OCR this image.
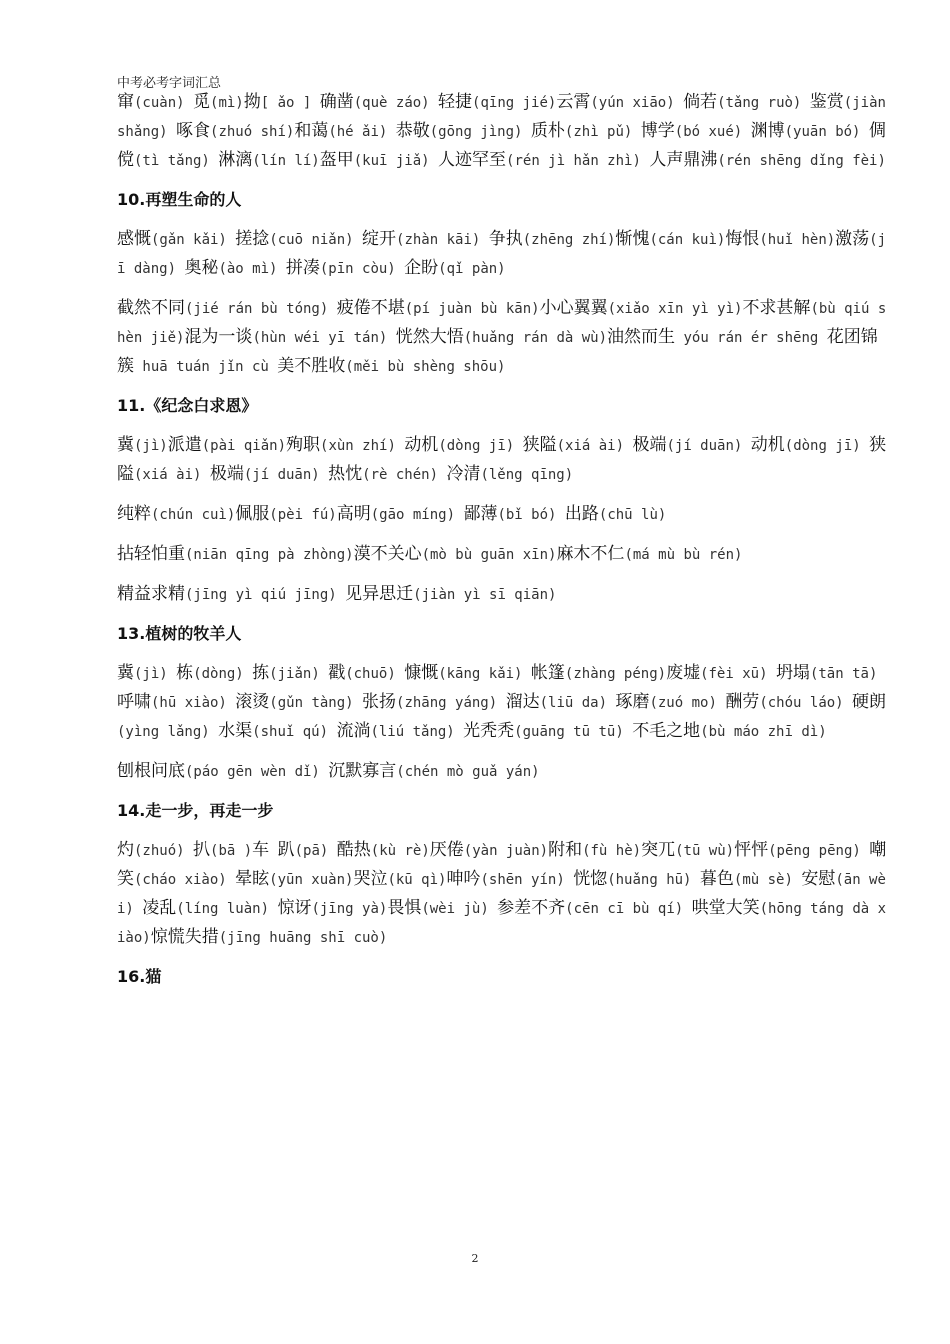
中考必考字词汇总
窜(cuàn) 觅(mì)拗[ ǎo ] 确凿(què záo) 轻捷(qīng jié)云霄(yún xiāo) 倘若(tǎng ruò) 鉴赏(jiànshǎng) 啄食(zhuó shí)和蔼(hé ǎi) 恭敬(gōng jìng) 质朴(zhì pǔ) 博学(bó xué) 渊博(yuān bó) 倜傥(tì tǎng) 淋漓(lín lí)盔甲(kuī jiǎ) 人迹罕至(rén jì hǎn zhì) 人声鼎沸(rén shēng dǐng fèi)
10.再塑生命的人
感慨(gǎn kǎi) 搓捻(cuō niǎn) 绽开(zhàn kāi) 争执(zhēng zhí)惭愧(cán kuì)悔恨(huǐ hèn)激荡(jī dàng) 奥秘(ào mì) 拼凑(pīn còu) 企盼(qǐ pàn)
截然不同(jié rán bù tóng) 疲倦不堪(pí juàn bù kān)小心翼翼(xiǎo xīn yì yì)不求甚解(bù qiú shèn jiě)混为一谈(hùn wéi yī tán) 恍然大悟(huǎng rán dà wù)油然而生 yóu rán ér shēng 花团锦簇 huā tuán jǐn cù 美不胜收(měi bù shèng shōu)
11.《纪念白求恩》
冀(jì)派遣(pài qiǎn)殉职(xùn zhí) 动机(dòng jī) 狭隘(xiá ài) 极端(jí duān) 动机(dòng jī) 狭隘(xiá ài) 极端(jí duān) 热忱(rè chén) 冷清(lěng qīng)
纯粹(chún cuì)佩服(pèi fú)高明(gāo míng) 鄙薄(bǐ bó) 出路(chū lù)
拈轻怕重(niān qīng pà zhòng)漠不关心(mò bù guān xīn)麻木不仁(má mù bù rén)
精益求精(jīng yì qiú jīng) 见异思迁(jiàn yì sī qiān)
13.植树的牧羊人
冀(jì) 栋(dòng) 拣(jiǎn) 戳(chuō) 慷慨(kāng kǎi) 帐篷(zhàng péng)废墟(fèi xū) 坍塌(tān tā) 呼啸(hū xiào) 滚烫(gǔn tàng) 张扬(zhāng yáng) 溜达(liū da) 琢磨(zuó mo) 酬劳(chóu láo) 硬朗(yìng lǎng) 水渠(shuǐ qú) 流淌(liú tǎng) 光秃秃(guāng tū tū) 不毛之地(bù máo zhī dì)
刨根问底(páo gēn wèn dǐ) 沉默寡言(chén mò guǎ yán)
14.走一步，再走一步
灼(zhuó) 扒(bā )车 趴(pā) 酷热(kù rè)厌倦(yàn juàn)附和(fù hè)突兀(tū wù)怦怦(pēng pēng) 嘲笑(cháo xiào) 晕眩(yūn xuàn)哭泣(kū qì)呻吟(shēn yín) 恍惚(huǎng hū) 暮色(mù sè) 安慰(ān wèi) 凌乱(líng luàn) 惊讶(jīng yà)畏惧(wèi jù) 参差不齐(cēn cī bù qí) 哄堂大笑(hōng táng dà xiào)惊慌失措(jīng huāng shī cuò)
16.猫
2
